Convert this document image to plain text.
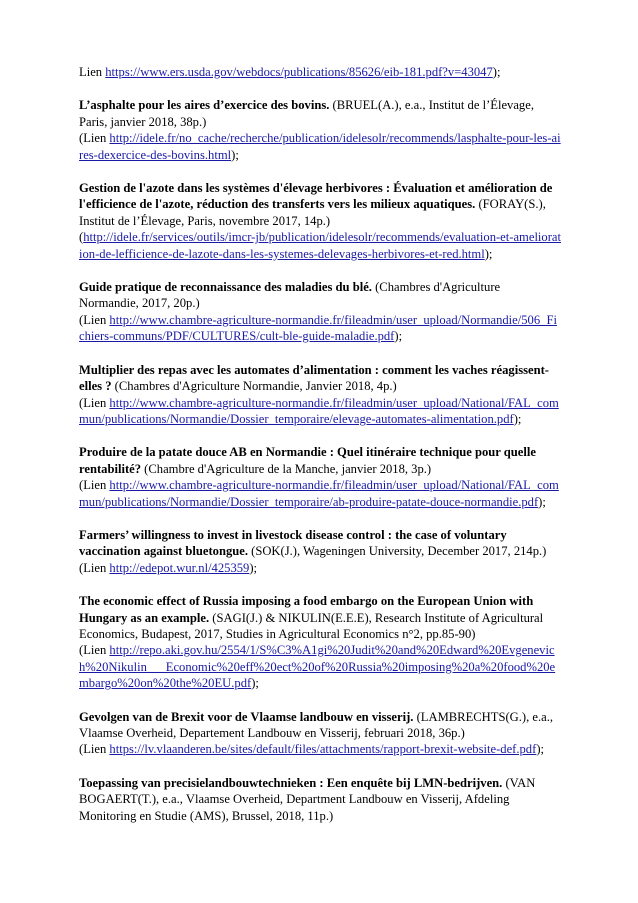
Lien https://www.ers.usda.gov/webdocs/publications/85626/eib-181.pdf?v=43047);
L’asphalte pour les aires d’exercice des bovins. (BRUEL(A.), e.a., Institut de l’Élevage, Paris, janvier 2018, 38p.)
(Lien http://idele.fr/no_cache/recherche/publication/idelesolr/recommends/lasphalte-pour-les-aires-dexercice-des-bovins.html);
Gestion de l'azote dans les systèmes d'élevage herbivores : Évaluation et amélioration de l'efficience de l'azote, réduction des transferts vers les milieux aquatiques. (FORAY(S.), Institut de l’Élevage, Paris, novembre 2017, 14p.)
(http://idele.fr/services/outils/imcr-jb/publication/idelesolr/recommends/evaluation-et-amelioration-de-lefficience-de-lazote-dans-les-systemes-delevages-herbivores-et-red.html);
Guide pratique de reconnaissance des maladies du blé. (Chambres d'Agriculture Normandie, 2017, 20p.)
(Lien http://www.chambre-agriculture-normandie.fr/fileadmin/user_upload/Normandie/506_Fichiers-communs/PDF/CULTURES/cult-ble-guide-maladie.pdf);
Multiplier des repas avec les automates d’alimentation : comment les vaches réagissent-elles ? (Chambres d'Agriculture Normandie, Janvier 2018, 4p.)
(Lien http://www.chambre-agriculture-normandie.fr/fileadmin/user_upload/National/FAL_commun/publications/Normandie/Dossier_temporaire/elevage-automates-alimentation.pdf);
Produire de la patate douce AB en Normandie : Quel itinéraire technique pour quelle rentabilité? (Chambre d'Agriculture de la Manche, janvier 2018, 3p.)
(Lien http://www.chambre-agriculture-normandie.fr/fileadmin/user_upload/National/FAL_commun/publications/Normandie/Dossier_temporaire/ab-produire-patate-douce-normandie.pdf);
Farmers’ willingness to invest in livestock disease control : the case of voluntary vaccination against bluetongue. (SOK(J.), Wageningen University, December 2017, 214p.)
(Lien http://edepot.wur.nl/425359);
The economic effect of Russia imposing a food embargo on the European Union with Hungary as an example. (SAGI(J.) & NIKULIN(E.E.E), Research Institute of Agricultural Economics, Budapest, 2017, Studies in Agricultural Economics n°2, pp.85-90)
(Lien http://repo.aki.gov.hu/2554/1/S%C3%A1gi%20Judit%20and%20Edward%20Evgenevich%20Nikulin___Economic%20eff%20ect%20of%20Russia%20imposing%20a%20food%20embargo%20on%20the%20EU.pdf);
Gevolgen van de Brexit voor de Vlaamse landbouw en visserij. (LAMBRECHTS(G.), e.a., Vlaamse Overheid, Departement Landbouw en Visserij, februari 2018, 36p.)
(Lien https://lv.vlaanderen.be/sites/default/files/attachments/rapport-brexit-website-def.pdf);
Toepassing van precisielandbouwtechnieken : Een enquête bij LMN-bedrijven. (VAN BOGAERT(T.), e.a., Vlaamse Overheid, Department Landbouw en Visserij, Afdeling Monitoring en Studie (AMS), Brussel, 2018, 11p.)
